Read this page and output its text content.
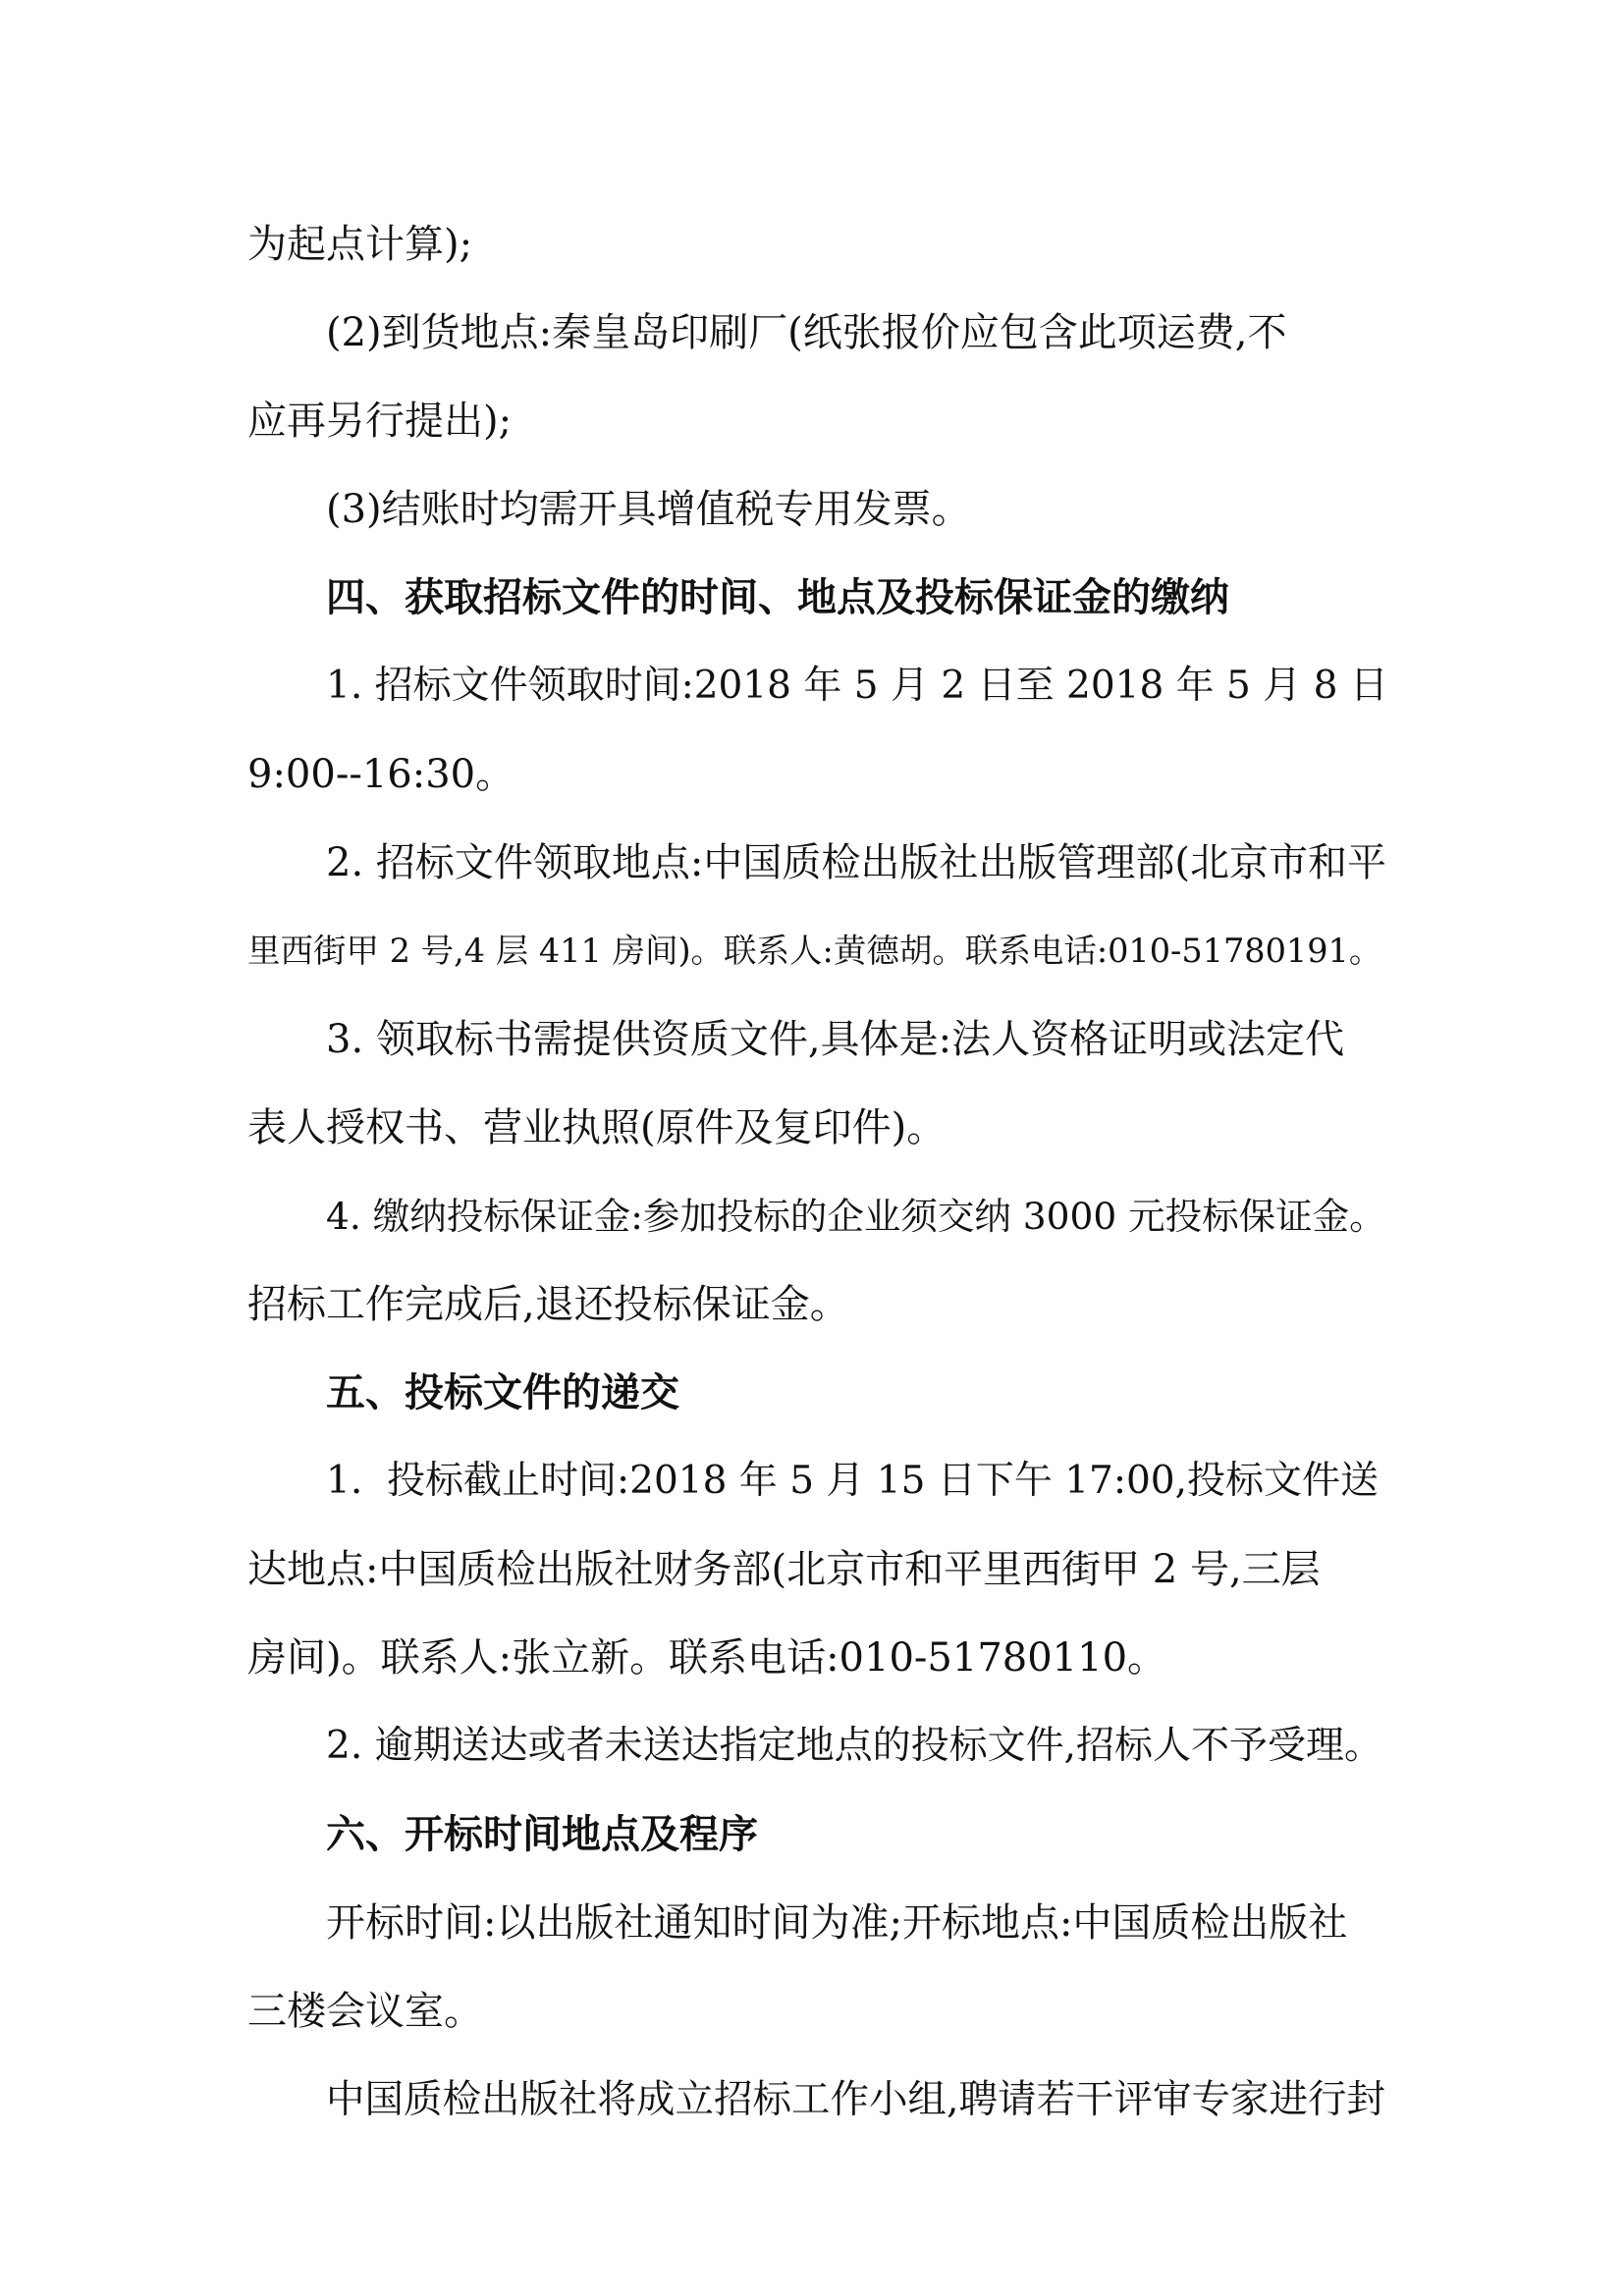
为起点计算);
(2)到货地点:秦皇岛印刷厂(纸张报价应包含此项运费,不
应再另行提出);
(3)结账时均需开具增值税专用发票。
四、获取招标文件的时间、地点及投标保证金的缴纳
1. 招标文件领取时间:2018 年 5 月 2 日至 2018 年 5 月 8 日
9:00--16:30。
2. 招标文件领取地点:中国质检出版社出版管理部(北京市和平
里西街甲 2 号,4 层 411 房间)。联系人:黄德胡。联系电话:010-51780191。
3. 领取标书需提供资质文件,具体是:法人资格证明或法定代
表人授权书、营业执照(原件及复印件)。
4. 缴纳投标保证金:参加投标的企业须交纳 3000 元投标保证金。
招标工作完成后,退还投标保证金。
五、投标文件的递交
1.  投标截止时间:2018 年 5 月 15 日下午 17:00,投标文件送
达地点:中国质检出版社财务部(北京市和平里西街甲 2 号,三层
房间)。联系人:张立新。联系电话:010-51780110。
2. 逾期送达或者未送达指定地点的投标文件,招标人不予受理。
六、开标时间地点及程序
开标时间:以出版社通知时间为准;开标地点:中国质检出版社
三楼会议室。
中国质检出版社将成立招标工作小组,聘请若干评审专家进行封
